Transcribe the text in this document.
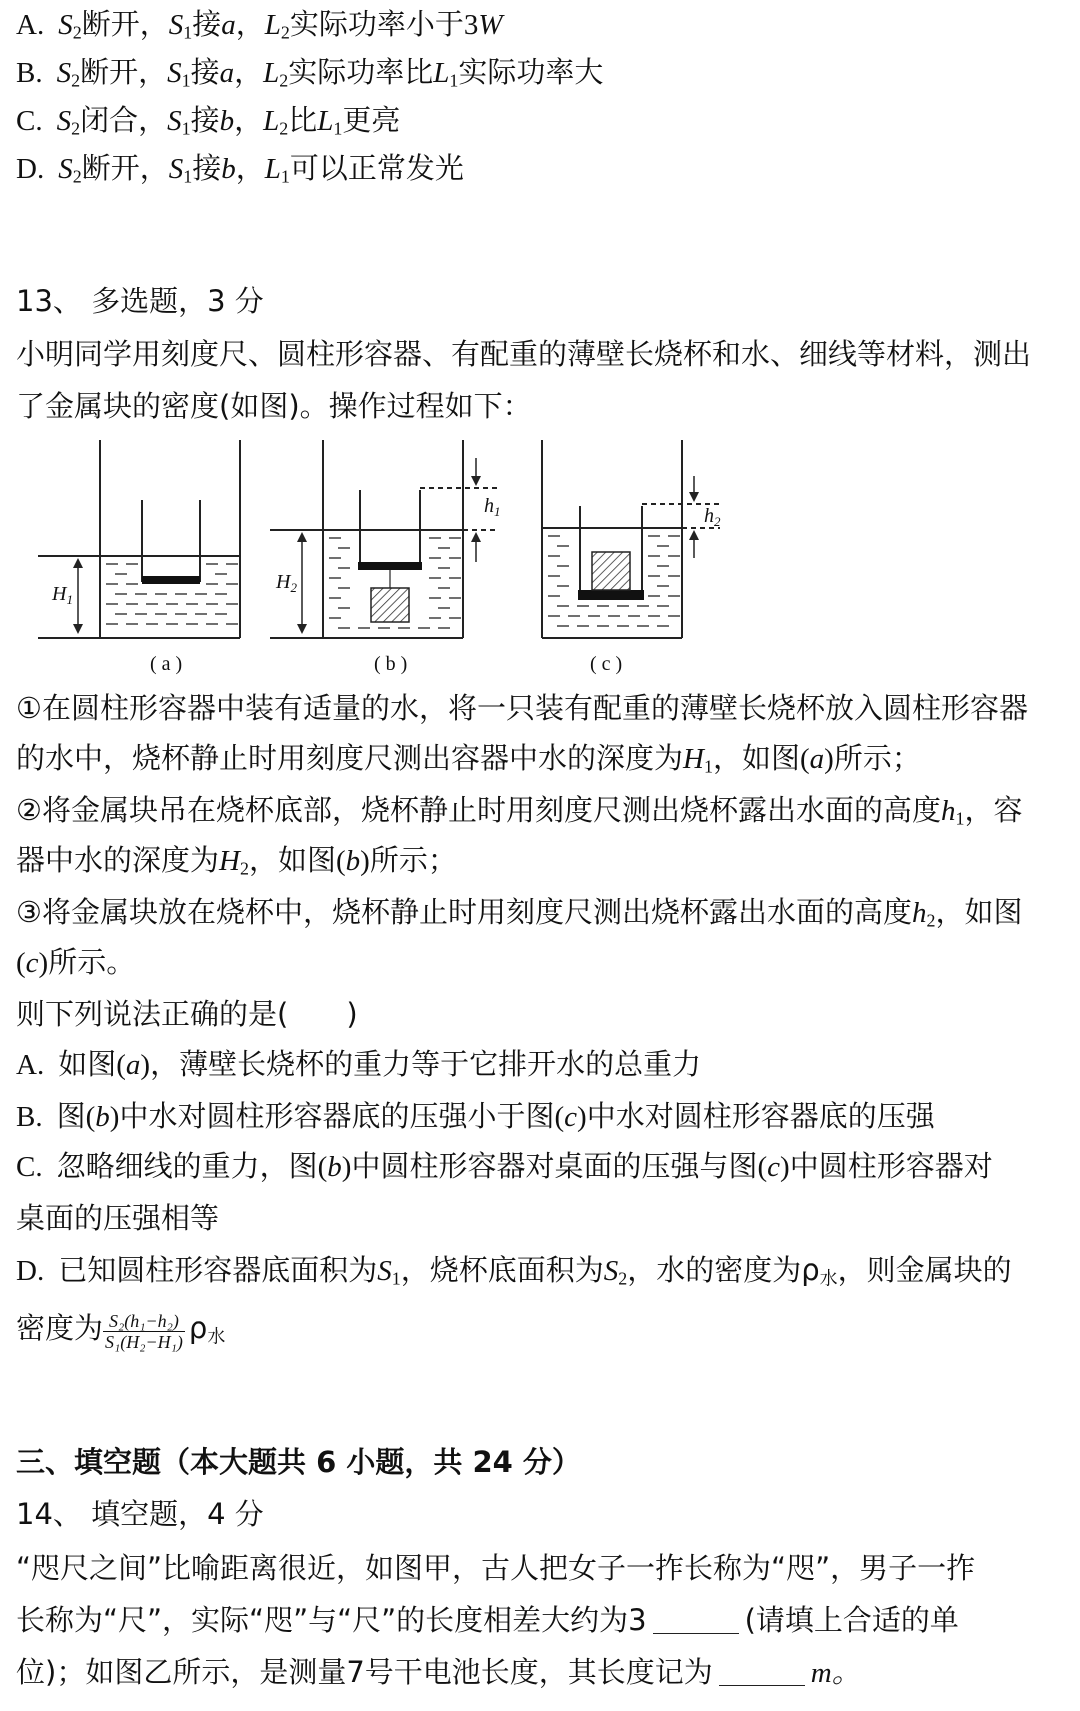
A. $S_2$断开，$S_1$接a，$L_2$实际功率小于3W
B. $S_2$断开，$S_1$接a，$L_2$实际功率比$L_1$实际功率大
C. $S_2$闭合，$S_1$接b，$L_2$比$L_1$更亮
D. $S_2$断开，$S_1$接b，$L_1$可以正常发光
13、 多选题，3 分
小明同学用刻度尺、圆柱形容器、有配重的薄壁长烧杯和水、细线等材料，测出
了金属块的密度(如图)。操作过程如下：
$H_1$
$H_2$
$h_1$	$h_2$
( a )	( b )	( c )
①在圆柱形容器中装有适量的水，将一只装有配重的薄壁长烧杯放入圆柱形容器
的水中，烧杯静止时用刻度尺测出容器中水的深度为$H_1$，如图(a)所示；
②将金属块吊在烧杯底部，烧杯静止时用刻度尺测出烧杯露出水面的高度$h_1$，容
器中水的深度为$H_2$，如图(b)所示；
③将金属块放在烧杯中，烧杯静止时用刻度尺测出烧杯露出水面的高度$h_2$，如图
(c)所示。
则下列说法正确的是(　　)
A. 如图(a)，薄壁长烧杯的重力等于它排开水的总重力
B. 图(b)中水对圆柱形容器底的压强小于图(c)中水对圆柱形容器底的压强
C. 忽略细线的重力，图(b)中圆柱形容器对桌面的压强与图(c)中圆柱形容器对
桌面的压强相等
D. 已知圆柱形容器底面积为$S_1$，烧杯底面积为$S_2$，水的密度为$\rho_水$，则金属块的
密度为 $\frac{\text{S₂(h₁−h₂)}}{\text{S₁(H₂−H₁)}} \rho_水$
三、填空题（本大题共 6 小题，共 24 分）
14、 填空题，4 分
“咫尺之间”比喻距离很近，如图甲，古人把女子一拃长称为“咫”，男子一拃
长称为“尺”，实际“咫”与“尺”的长度相差大约为3	(请填上合适的单
位)；如图乙所示，是测量7号干电池长度，其长度记为	m。
